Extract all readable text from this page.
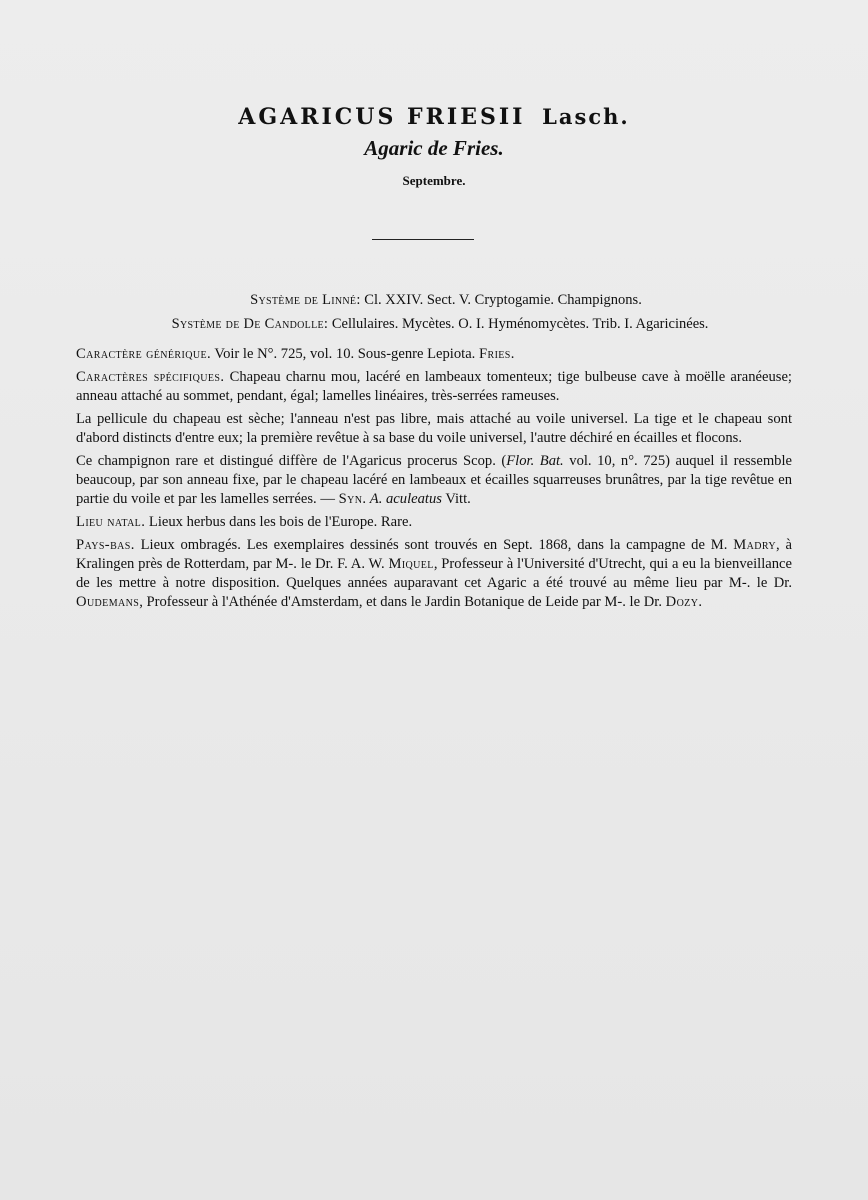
AGARICUS FRIESII Lasch.
Agaric de Fries.
Septembre.
Système de Linné: Cl. XXIV. Sect. V. Cryptogamie. Champignons.
Système de De Candolle: Cellulaires. Mycètes. O. I. Hyménomycètes. Trib. I. Agaricinées.

Caractère générique. Voir le N°. 725, vol. 10. Sous-genre Lepiota. Fries.

Caractères spécifiques. Chapeau charnu mou, lacéré en lambeaux tomenteux; tige bulbeuse cave à moëlle aranéeuse; anneau attaché au sommet, pendant, égal; lamelles linéaires, très-serrées rameuses.

La pellicule du chapeau est sèche; l'anneau n'est pas libre, mais attaché au voile universel. La tige et le chapeau sont d'abord distincts d'entre eux; la première revêtue à sa base du voile universel, l'autre déchiré en écailles et flocons.

Ce champignon rare et distingué diffère de l'Agaricus procerus Scop. (Flor. Bat. vol. 10, n°. 725) auquel il ressemble beaucoup, par son anneau fixe, par le chapeau lacéré en lambeaux et écailles squarreuses brunâtres, par la tige revêtue en partie du voile et par les lamelles serrées. — Syn. A. aculeatus Vitt.

Lieu natal. Lieux herbus dans les bois de l'Europe. Rare.

Pays-bas. Lieux ombragés. Les exemplaires dessinés sont trouvés en Sept. 1868, dans la campagne de M. Madry, à Kralingen près de Rotterdam, par M-. le Dr. F. A. W. Miquel, Professeur à l'Université d'Utrecht, qui a eu la bienveillance de les mettre à notre disposition. Quelques années auparavant cet Agaric a été trouvé au même lieu par M-. le Dr. Oudemans, Professeur à l'Athénée d'Amsterdam, et dans le Jardin Botanique de Leide par M-. le Dr. Dozy.
